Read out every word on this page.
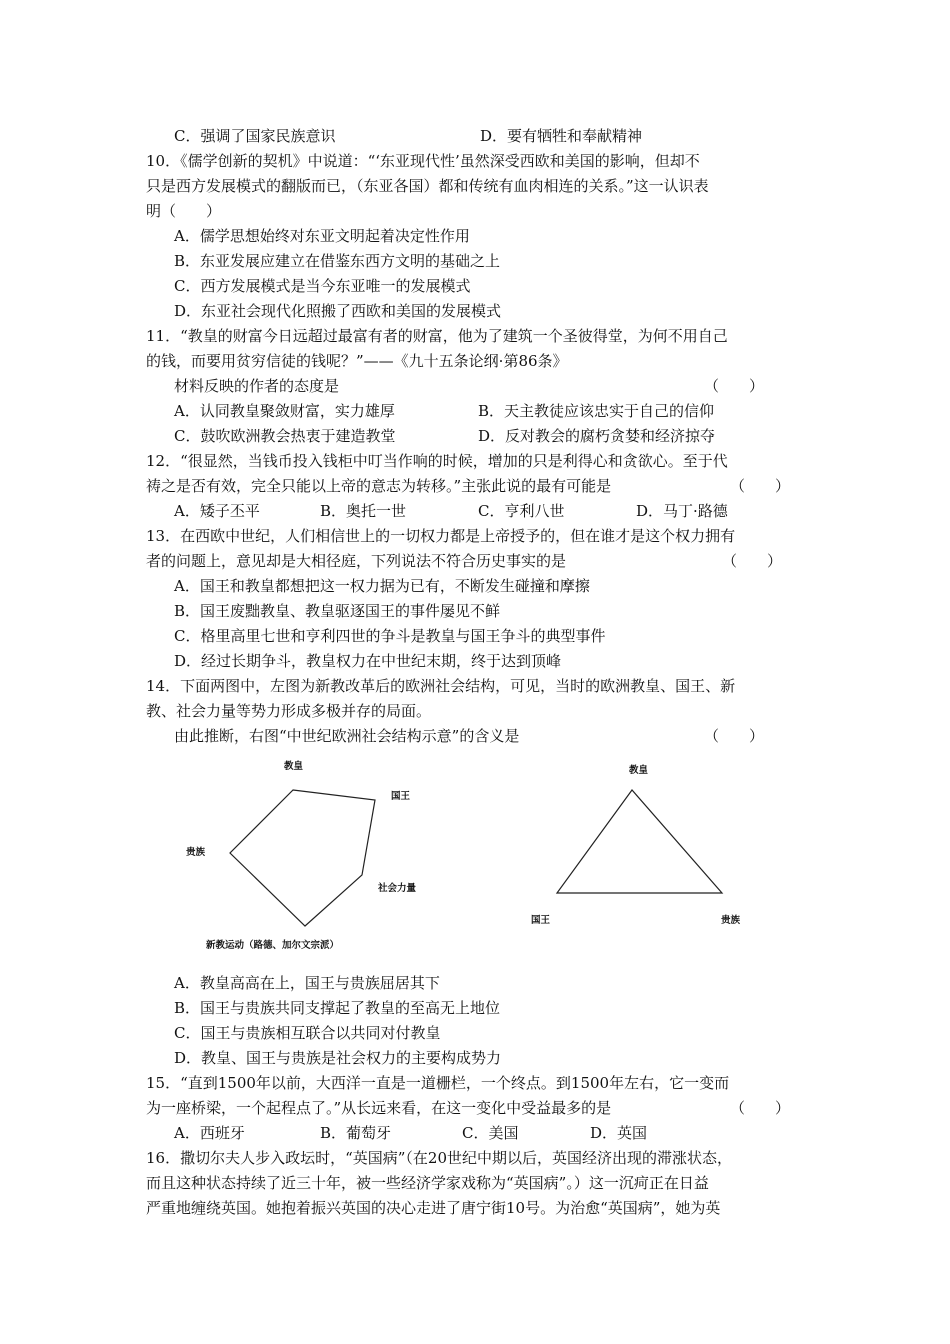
C．强调了国家民族意识	D．要有牺牲和奉献精神
10．《儒学创新的契机》中说道：“‘东亚现代性’虽然深受西欧和美国的影响，但却不
只是西方发展模式的翻版而已，（东亚各国）都和传统有血肉相连的关系。”这一认识表
明（　　）
A．儒学思想始终对东亚文明起着决定性作用
B．东亚发展应建立在借鉴东西方文明的基础之上
C．西方发展模式是当今东亚唯一的发展模式
D．东亚社会现代化照搬了西欧和美国的发展模式
11．“教皇的财富今日远超过最富有者的财富，他为了建筑一个圣彼得堂，为何不用自己
的钱，而要用贫穷信徒的钱呢？”——《九十五条论纲·第86条》
材料反映的作者的态度是	（　　）
A．认同教皇聚敛财富，实力雄厚	B．天主教徒应该忠实于自己的信仰
C．鼓吹欧洲教会热衷于建造教堂	D．反对教会的腐朽贪婪和经济掠夺
12．“很显然，当钱币投入钱柜中叮当作响的时候，增加的只是利得心和贪欲心。至于代
祷之是否有效，完全只能以上帝的意志为转移。”主张此说的最有可能是	（　　）
A．矮子丕平	B．奥托一世	C．亨利八世	D．马丁·路德
13．在西欧中世纪，人们相信世上的一切权力都是上帝授予的，但在谁才是这个权力拥有
者的问题上，意见却是大相径庭，下列说法不符合历史事实的是	（　　）
A．国王和教皇都想把这一权力据为已有，不断发生碰撞和摩擦
B．国王废黜教皇、教皇驱逐国王的事件屡见不鲜
C．格里高里七世和亨利四世的争斗是教皇与国王争斗的典型事件
D．经过长期争斗，教皇权力在中世纪末期，终于达到顶峰
14．下面两图中，左图为新教改革后的欧洲社会结构，可见，当时的欧洲教皇、国王、新
教、社会力量等势力形成多极并存的局面。
由此推断，右图“中世纪欧洲社会结构示意”的含义是	（　　）
教皇
国王
贵族
社会力量
新教运动（路德、加尔文宗派）
教皇
国王	贵族
A．教皇高高在上，国王与贵族屈居其下
B．国王与贵族共同支撑起了教皇的至高无上地位
C．国王与贵族相互联合以共同对付教皇
D．教皇、国王与贵族是社会权力的主要构成势力
15．“直到1500年以前，大西洋一直是一道栅栏，一个终点。到1500年左右，它一变而
为一座桥梁，一个起程点了。”从长远来看，在这一变化中受益最多的是	（　　）
A．西班牙	B．葡萄牙	C．美国	D．英国
16．撒切尔夫人步入政坛时，“英国病”（在20世纪中期以后，英国经济出现的滞涨状态，
而且这种状态持续了近三十年，被一些经济学家戏称为“英国病”。）这一沉疴正在日益
严重地缠绕英国。她抱着振兴英国的决心走进了唐宁街10号。为治愈“英国病”，她为英
